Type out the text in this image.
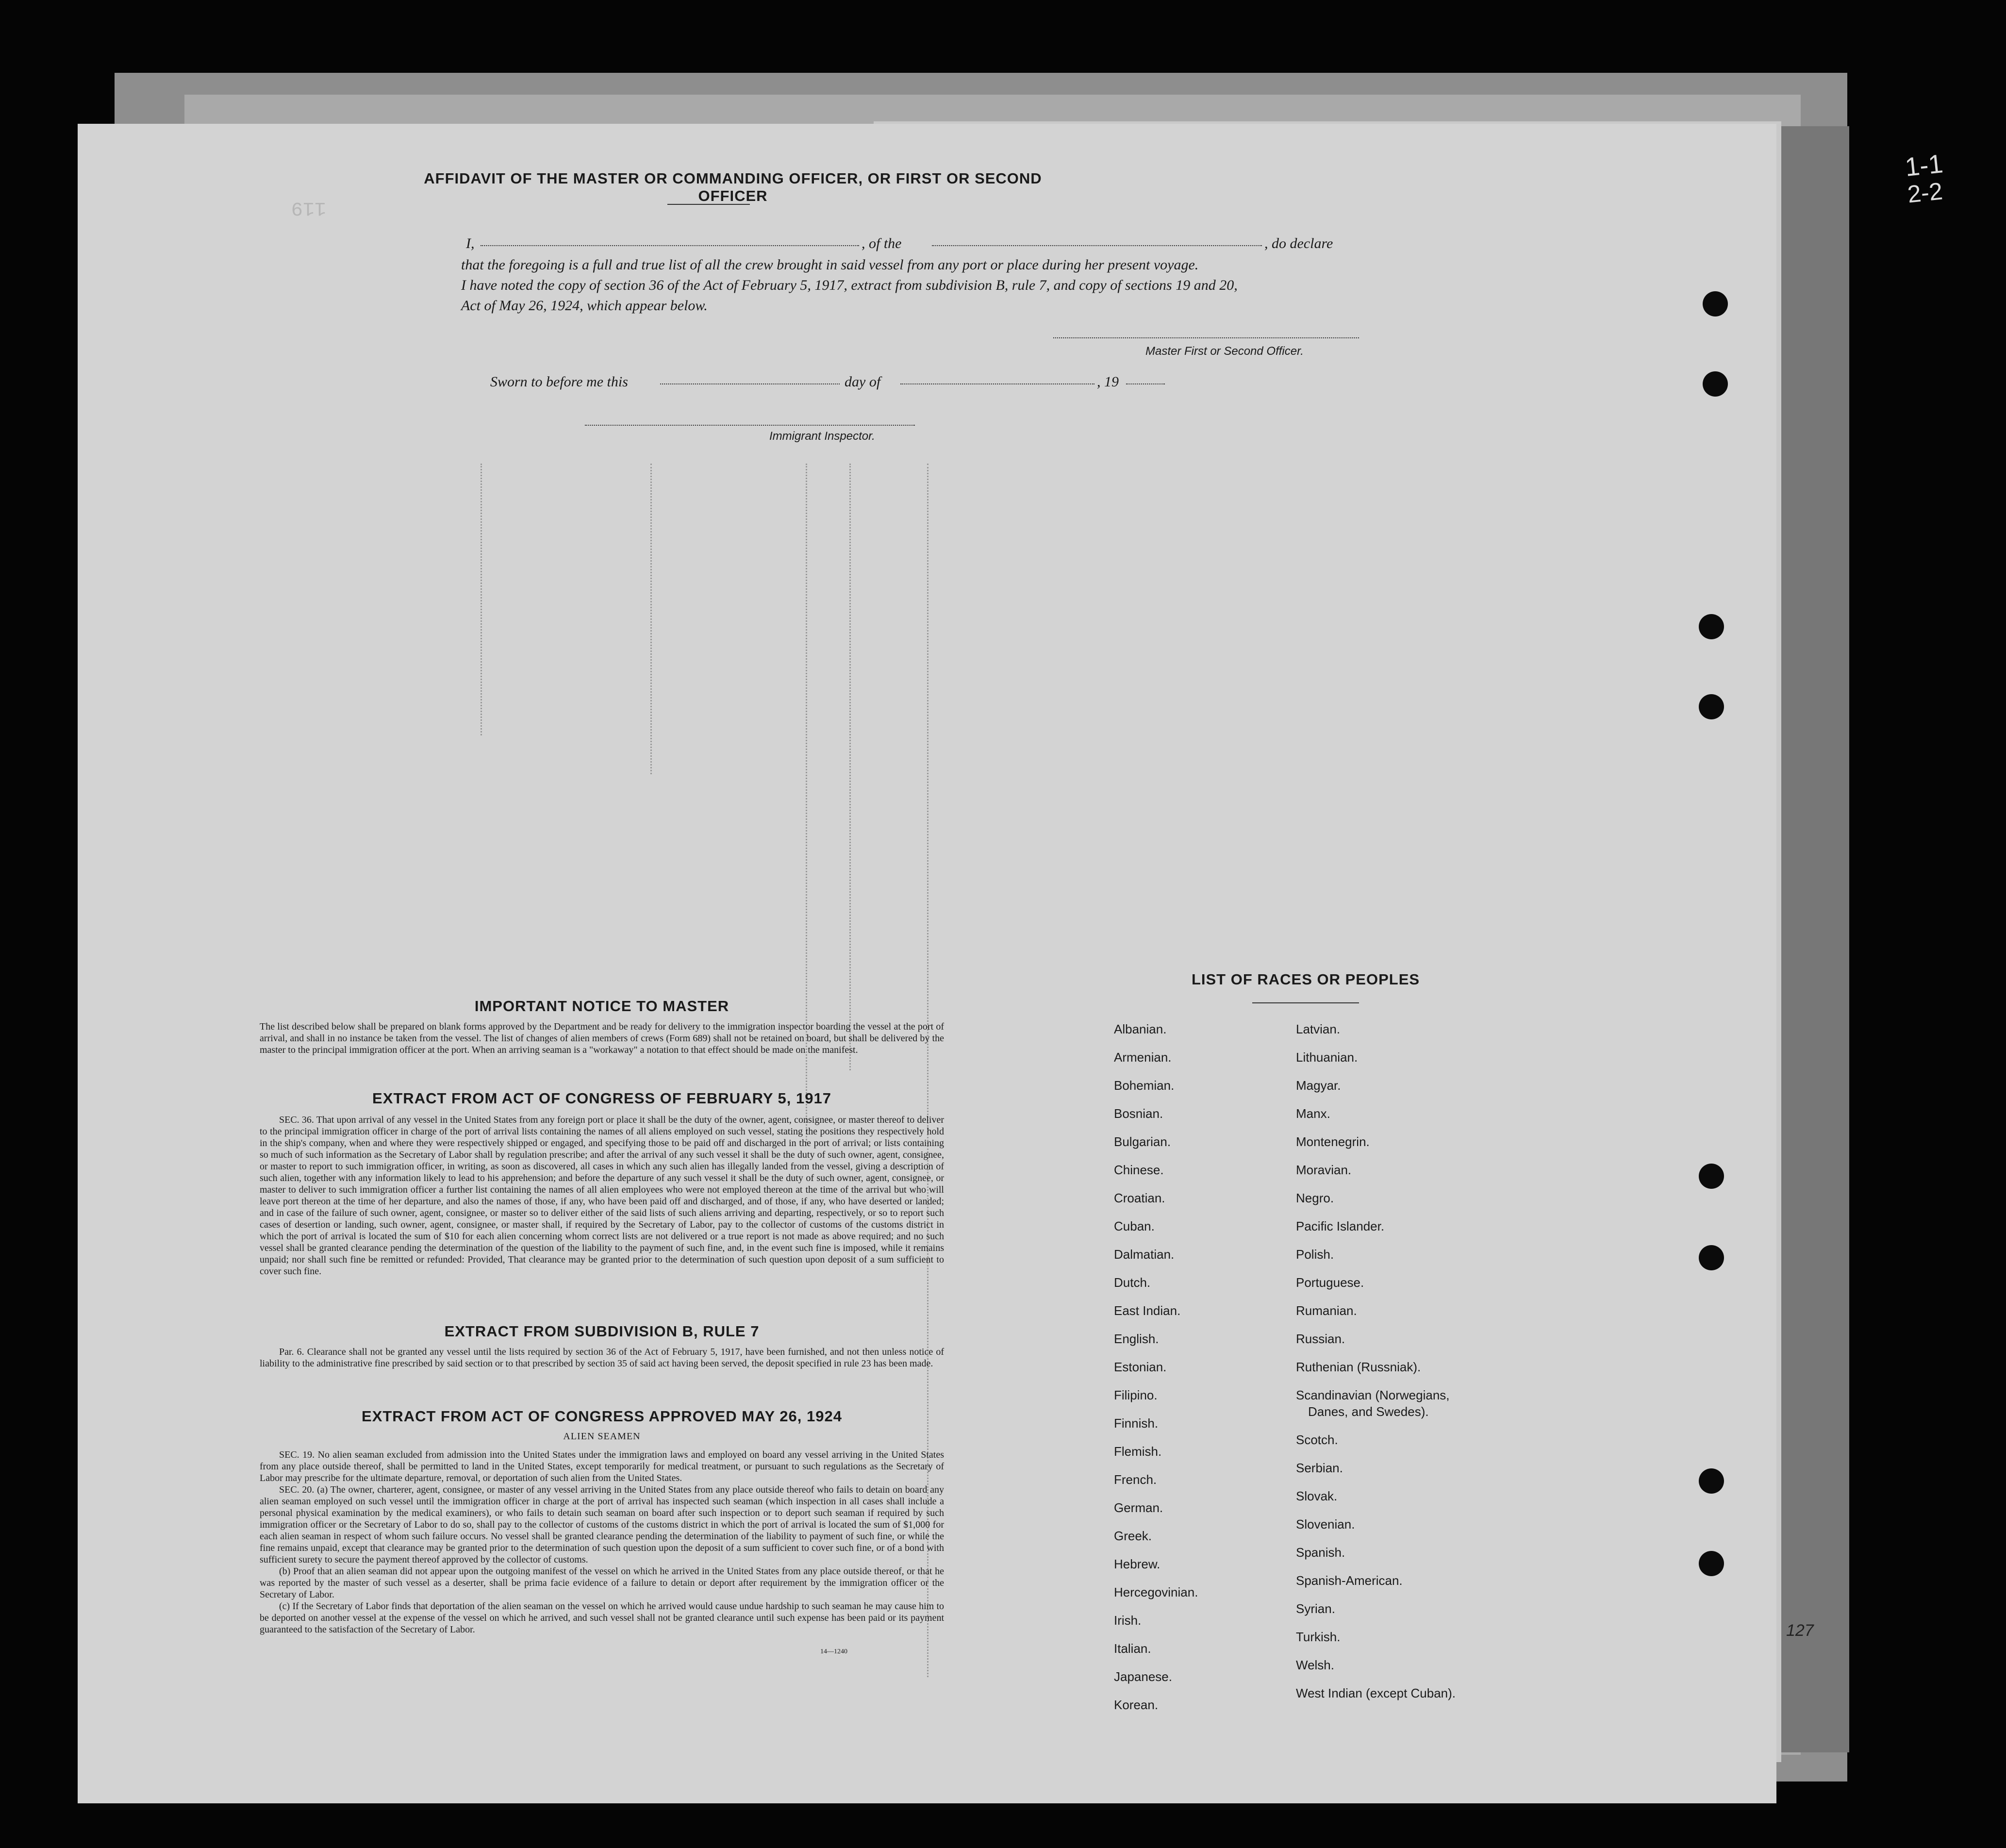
1-1
2-2
119
AFFIDAVIT OF THE MASTER OR COMMANDING OFFICER, OR FIRST OR SECOND OFFICER
I,	, of the	, do declare
that the foregoing is a full and true list of all the crew brought in said vessel from any port or place during her present voyage.
I have noted the copy of section 36 of the Act of February 5, 1917, extract from subdivision B, rule 7, and copy of sections 19 and 20,
Act of May 26, 1924, which appear below.
Master First or Second Officer.
Sworn to before me this	day of	, 19
Immigrant Inspector.
IMPORTANT NOTICE TO MASTER
The list described below shall be prepared on blank forms approved by the Department and be ready for delivery to the immigration inspector boarding the vessel at the port of arrival, and shall in no instance be taken from the vessel. The list of changes of alien members of crews (Form 689) shall not be retained on board, but shall be delivered by the master to the principal immigration officer at the port. When an arriving seaman is a "workaway" a notation to that effect should be made on the manifest.
EXTRACT FROM ACT OF CONGRESS OF FEBRUARY 5, 1917
SEC. 36. That upon arrival of any vessel in the United States from any foreign port or place it shall be the duty of the owner, agent, consignee, or master thereof to deliver to the principal immigration officer in charge of the port of arrival lists containing the names of all aliens employed on such vessel, stating the positions they respectively hold in the ship's company, when and where they were respectively shipped or engaged, and specifying those to be paid off and discharged in the port of arrival; or lists containing so much of such information as the Secretary of Labor shall by regulation prescribe; and after the arrival of any such vessel it shall be the duty of such owner, agent, consignee, or master to report to such immigration officer, in writing, as soon as discovered, all cases in which any such alien has illegally landed from the vessel, giving a description of such alien, together with any information likely to lead to his apprehension; and before the departure of any such vessel it shall be the duty of such owner, agent, consignee, or master to deliver to such immigration officer a further list containing the names of all alien employees who were not employed thereon at the time of the arrival but who will leave port thereon at the time of her departure, and also the names of those, if any, who have been paid off and discharged, and of those, if any, who have deserted or landed; and in case of the failure of such owner, agent, consignee, or master so to deliver either of the said lists of such aliens arriving and departing, respectively, or so to report such cases of desertion or landing, such owner, agent, consignee, or master shall, if required by the Secretary of Labor, pay to the collector of customs of the customs district in which the port of arrival is located the sum of $10 for each alien concerning whom correct lists are not delivered or a true report is not made as above required; and no such vessel shall be granted clearance pending the determination of the question of the liability to the payment of such fine, and, in the event such fine is imposed, while it remains unpaid; nor shall such fine be remitted or refunded: Provided, That clearance may be granted prior to the determination of such question upon deposit of a sum sufficient to cover such fine.
EXTRACT FROM SUBDIVISION B, RULE 7
Par. 6. Clearance shall not be granted any vessel until the lists required by section 36 of the Act of February 5, 1917, have been furnished, and not then unless notice of liability to the administrative fine prescribed by said section or to that prescribed by section 35 of said act having been served, the deposit specified in rule 23 has been made.
EXTRACT FROM ACT OF CONGRESS APPROVED MAY 26, 1924
ALIEN SEAMEN
SEC. 19. No alien seaman excluded from admission into the United States under the immigration laws and employed on board any vessel arriving in the United States from any place outside thereof, shall be permitted to land in the United States, except temporarily for medical treatment, or pursuant to such regulations as the Secretary of Labor may prescribe for the ultimate departure, removal, or deportation of such alien from the United States.
SEC. 20. (a) The owner, charterer, agent, consignee, or master of any vessel arriving in the United States from any place outside thereof who fails to detain on board any alien seaman employed on such vessel until the immigration officer in charge at the port of arrival has inspected such seaman (which inspection in all cases shall include a personal physical examination by the medical examiners), or who fails to detain such seaman on board after such inspection or to deport such seaman if required by such immigration officer or the Secretary of Labor to do so, shall pay to the collector of customs of the customs district in which the port of arrival is located the sum of $1,000 for each alien seaman in respect of whom such failure occurs. No vessel shall be granted clearance pending the determination of the liability to payment of such fine, or while the fine remains unpaid, except that clearance may be granted prior to the determination of such question upon the deposit of a sum sufficient to cover such fine, or of a bond with sufficient surety to secure the payment thereof approved by the collector of customs.
(b) Proof that an alien seaman did not appear upon the outgoing manifest of the vessel on which he arrived in the United States from any place outside thereof, or that he was reported by the master of such vessel as a deserter, shall be prima facie evidence of a failure to detain or deport after requirement by the immigration officer or the Secretary of Labor.
(c) If the Secretary of Labor finds that deportation of the alien seaman on the vessel on which he arrived would cause undue hardship to such seaman he may cause him to be deported on another vessel at the expense of the vessel on which he arrived, and such vessel shall not be granted clearance until such expense has been paid or its payment guaranteed to the satisfaction of the Secretary of Labor.
14—1240
LIST OF RACES OR PEOPLES
Albanian.
Armenian.
Bohemian.
Bosnian.
Bulgarian.
Chinese.
Croatian.
Cuban.
Dalmatian.
Dutch.
East Indian.
English.
Estonian.
Filipino.
Finnish.
Flemish.
French.
German.
Greek.
Hebrew.
Hercegovinian.
Irish.
Italian.
Japanese.
Korean.
Latvian.
Lithuanian.
Magyar.
Manx.
Montenegrin.
Moravian.
Negro.
Pacific Islander.
Polish.
Portuguese.
Rumanian.
Russian.
Ruthenian (Russniak).
Scandinavian (Norwegians,
Danes, and Swedes).
Scotch.
Serbian.
Slovak.
Slovenian.
Spanish.
Spanish-American.
Syrian.
Turkish.
Welsh.
West Indian (except Cuban).
127
